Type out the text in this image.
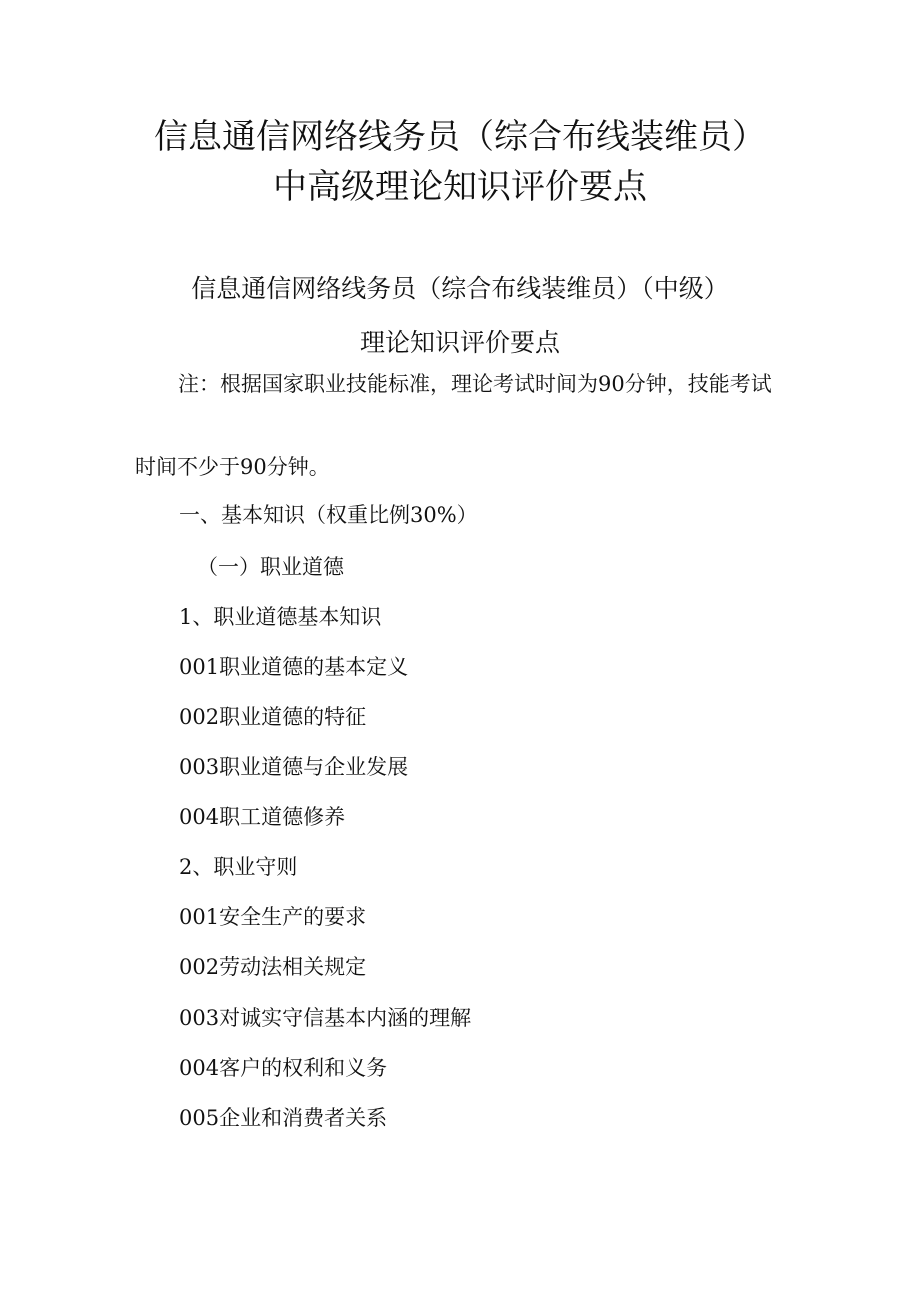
信息通信网络线务员（综合布线装维员）
中高级理论知识评价要点
信息通信网络线务员（综合布线装维员）（中级）
理论知识评价要点
注：根据国家职业技能标准，理论考试时间为90分钟，技能考试
时间不少于90分钟。
一、基本知识（权重比例30%）
（一）职业道德
1、职业道德基本知识
001职业道德的基本定义
002职业道德的特征
003职业道德与企业发展
004职工道德修养
2、职业守则
001安全生产的要求
002劳动法相关规定
003对诚实守信基本内涵的理解
004客户的权利和义务
005企业和消费者关系
